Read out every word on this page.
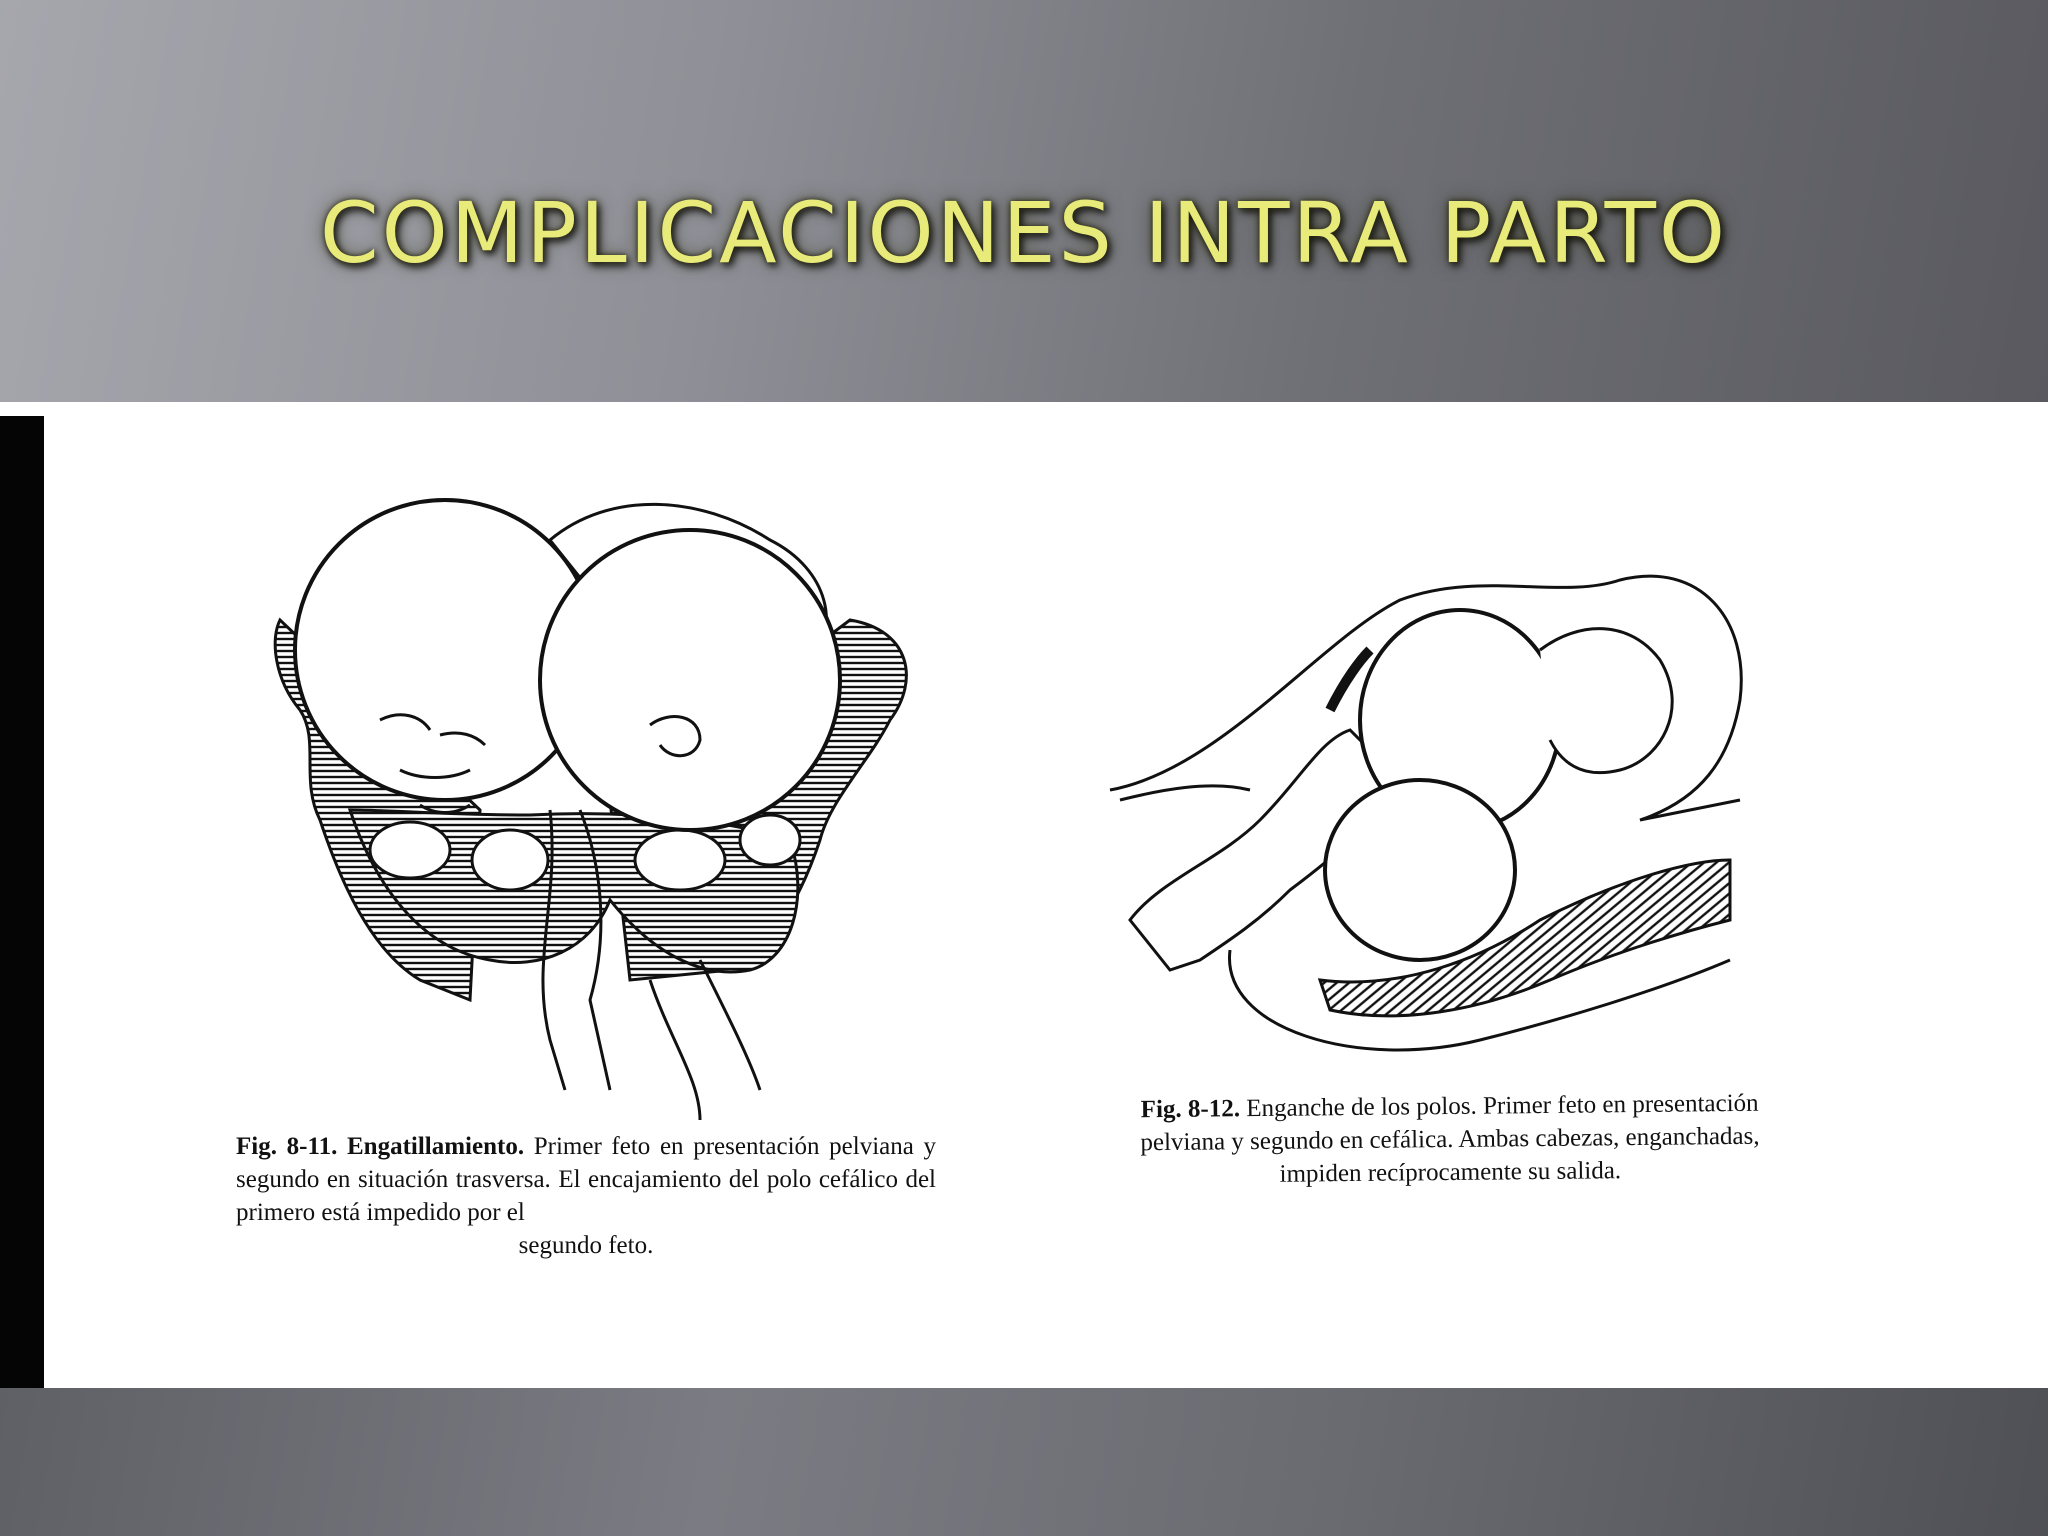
COMPLICACIONES INTRA PARTO
Fig. 8-11. Engatillamiento. Primer feto en presentación pelviana y segundo en situación trasversa. El encajamiento del polo cefálico del primero está impedido por el
segundo feto.
Fig. 8-12. Enganche de los polos. Primer feto en presentación pelviana y segundo en cefálica. Ambas cabezas, enganchadas, impiden recíprocamente su salida.
